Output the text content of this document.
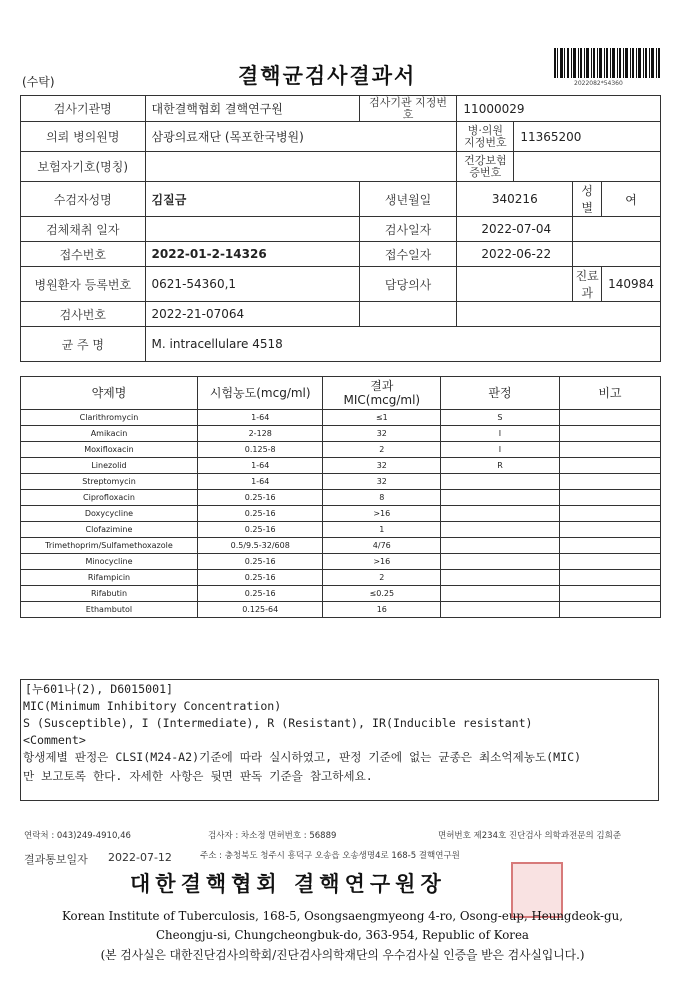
(수탁)	결핵균검사결과서	2022082*54360
검사기관명	대한결핵협회 결핵연구원	검사기관 지정번호	11000029			
의뢰 병의원명	삼광의료재단 (목포한국병원)		병·의원 지정번호	11365200		
보험자기호(명칭)			건강보험 증번호			
수검자성명	김질금	생년월일	340216		성별	여
검체채취 일자		검사일자	2022-07-04			
접수번호	2022-01-2-14326	접수일자	2022-06-22			
병원환자 등록번호	0621-54360,1	담당의사			진료과	140984
검사번호	2022-21-07064					
균 주 명	M. intracellulare 4518					
약제명	시험농도(mcg/ml)	결과 MIC(mcg/ml)	판정	비고
Clarithromycin	1-64	≤1	S	
Amikacin	2-128	32	I	
Moxifloxacin	0.125-8	2	I	
Linezolid	1-64	32	R	
Streptomycin	1-64	32		
Ciprofloxacin	0.25-16	8		
Doxycycline	0.25-16	>16		
Clofazimine	0.25-16	1		
Trimethoprim/Sulfamethoxazole	0.5/9.5-32/608	4/76		
Minocycline	0.25-16	>16		
Rifampicin	0.25-16	2		
Rifabutin	0.25-16	≤0.25		
Ethambutol	0.125-64	16		
[누601나(2), D6015001]
MIC(Minimum Inhibitory Concentration)
S (Susceptible), I (Intermediate), R (Resistant), IR(Inducible resistant)
<Comment>
항생제별 판정은 CLSI(M24-A2)기준에 따라 실시하였고, 판정 기준에 없는 균종은 최소억제농도(MIC)
만 보고토록 한다. 자세한 사항은 뒷면 판독 기준을 참고하세요.
연락처 : 043)249-4910,46	검사자 : 차소정 면허번호 : 56889	면허번호 제234호 진단검사 의학과전문의 김희준
결과통보일자 2022-07-12	주소 : 충청북도 청주시 흥덕구 오송읍 오송생명4로 168-5 결핵연구원
대한결핵협회 결핵연구원장
Korean Institute of Tuberculosis, 168-5, Osongsaengmyeong 4-ro, Osong-eup, Heungdeok-gu,
Cheongju-si, Chungcheongbuk-do, 363-954, Republic of Korea
(본 검사실은 대한진단검사의학회/진단검사의학재단의 우수검사실 인증을 받은 검사실입니다.)
